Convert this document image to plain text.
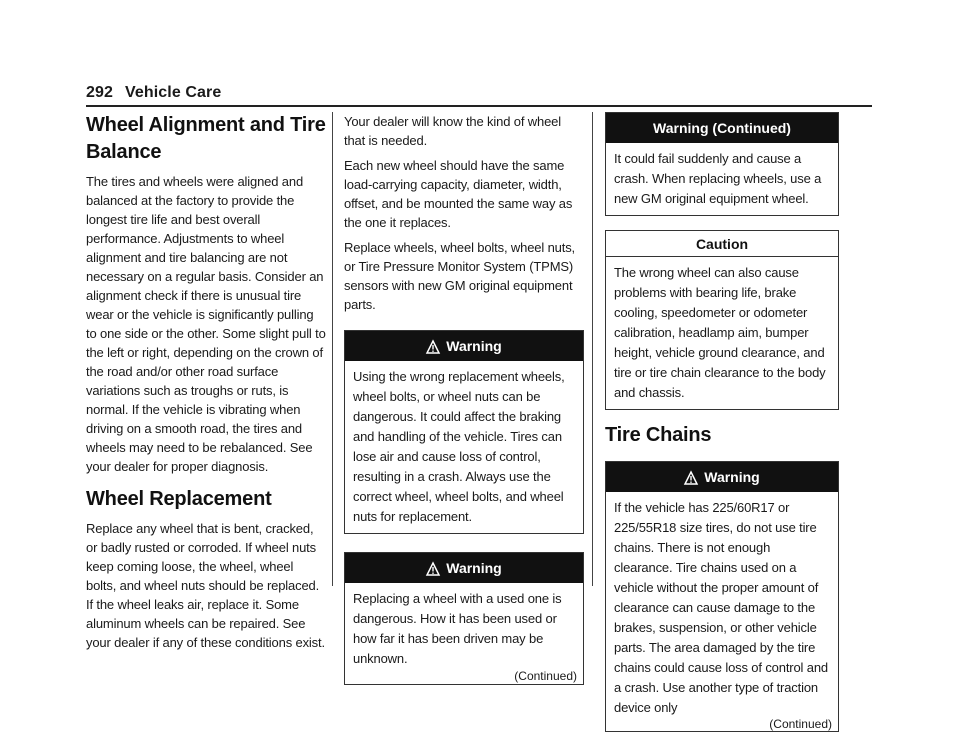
292 Vehicle Care
Wheel Alignment and Tire Balance

The tires and wheels were aligned and balanced at the factory to provide the longest tire life and best overall performance. Adjustments to wheel alignment and tire balancing are not necessary on a regular basis. Consider an alignment check if there is unusual tire wear or the vehicle is significantly pulling to one side or the other. Some slight pull to the left or right, depending on the crown of the road and/or other road surface variations such as troughs or ruts, is normal. If the vehicle is vibrating when driving on a smooth road, the tires and wheels may need to be rebalanced. See your dealer for proper diagnosis.

Wheel Replacement

Replace any wheel that is bent, cracked, or badly rusted or corroded. If wheel nuts keep coming loose, the wheel, wheel bolts, and wheel nuts should be replaced. If the wheel leaks air, replace it. Some aluminum wheels can be repaired. See your dealer if any of these conditions exist.

Your dealer will know the kind of wheel that is needed.

Each new wheel should have the same load-carrying capacity, diameter, width, offset, and be mounted the same way as the one it replaces.

Replace wheels, wheel bolts, wheel nuts, or Tire Pressure Monitor System (TPMS) sensors with new GM original equipment parts.

Warning
Using the wrong replacement wheels, wheel bolts, or wheel nuts can be dangerous. It could affect the braking and handling of the vehicle. Tires can lose air and cause loss of control, resulting in a crash. Always use the correct wheel, wheel bolts, and wheel nuts for replacement.
Warning
Replacing a wheel with a used one is dangerous. How it has been used or how far it has been driven may be unknown.
(Continued)
Warning (Continued)
It could fail suddenly and cause a crash. When replacing wheels, use a new GM original equipment wheel.
Caution
The wrong wheel can also cause problems with bearing life, brake cooling, speedometer or odometer calibration, headlamp aim, bumper height, vehicle ground clearance, and tire or tire chain clearance to the body and chassis.
Tire Chains
Warning
If the vehicle has 225/60R17 or 225/55R18 size tires, do not use tire chains. There is not enough clearance. Tire chains used on a vehicle without the proper amount of clearance can cause damage to the brakes, suspension, or other vehicle parts. The area damaged by the tire chains could cause loss of control and a crash. Use another type of traction device only
(Continued)
